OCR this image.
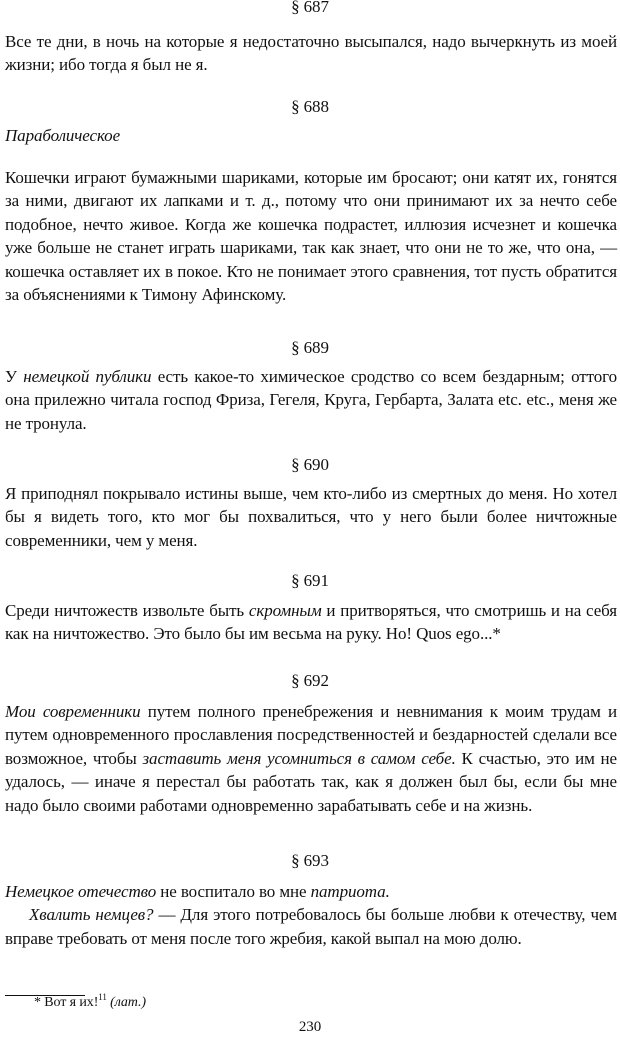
§ 687

Все те дни, в ночь на которые я недостаточно высыпался, надо вычеркнуть из моей жизни; ибо тогда я был не я.

§ 688

Параболическое

Кошечки играют бумажными шариками, которые им бросают; они катят их, гонятся за ними, двигают их лапками и т. д., потому что они принимают их за нечто себе подобное, нечто живое. Когда же кошечка подрастет, иллюзия исчезнет и кошечка уже больше не станет играть шариками, так как знает, что они не то же, что она, — кошечка оставляет их в покое. Кто не понимает этого сравнения, тот пусть обратится за объяснениями к Тимону Афинскому.

§ 689

У немецкой публики есть какое-то химическое сродство со всем бездарным; оттого она прилежно читала господ Фриза, Гегеля, Круга, Гербарта, Залата etc. etc., меня же не тронула.

§ 690

Я приподнял покрывало истины выше, чем кто-либо из смертных до меня. Но хотел бы я видеть того, кто мог бы похвалиться, что у него были более ничтожные современники, чем у меня.

§ 691

Среди ничтожеств извольте быть скромным и притворяться, что смотришь и на себя как на ничтожество. Это было бы им весьма на руку. Но! Quos ego...*

§ 692

Мои современники путем полного пренебрежения и невнимания к моим трудам и путем одновременного прославления посредственностей и бездарностей сделали все возможное, чтобы заставить меня усомниться в самом себе. К счастью, это им не удалось, — иначе я перестал бы работать так, как я должен был бы, если бы мне надо было своими работами одновременно зарабатывать себе и на жизнь.

§ 693

Немецкое отечество не воспитало во мне патриота.

Хвалить немцев? — Для этого потребовалось бы больше любви к отечеству, чем вправе требовать от меня после того жребия, какой выпал на мою долю.

* Вот я их!$^{11}$ (лат.)
230
